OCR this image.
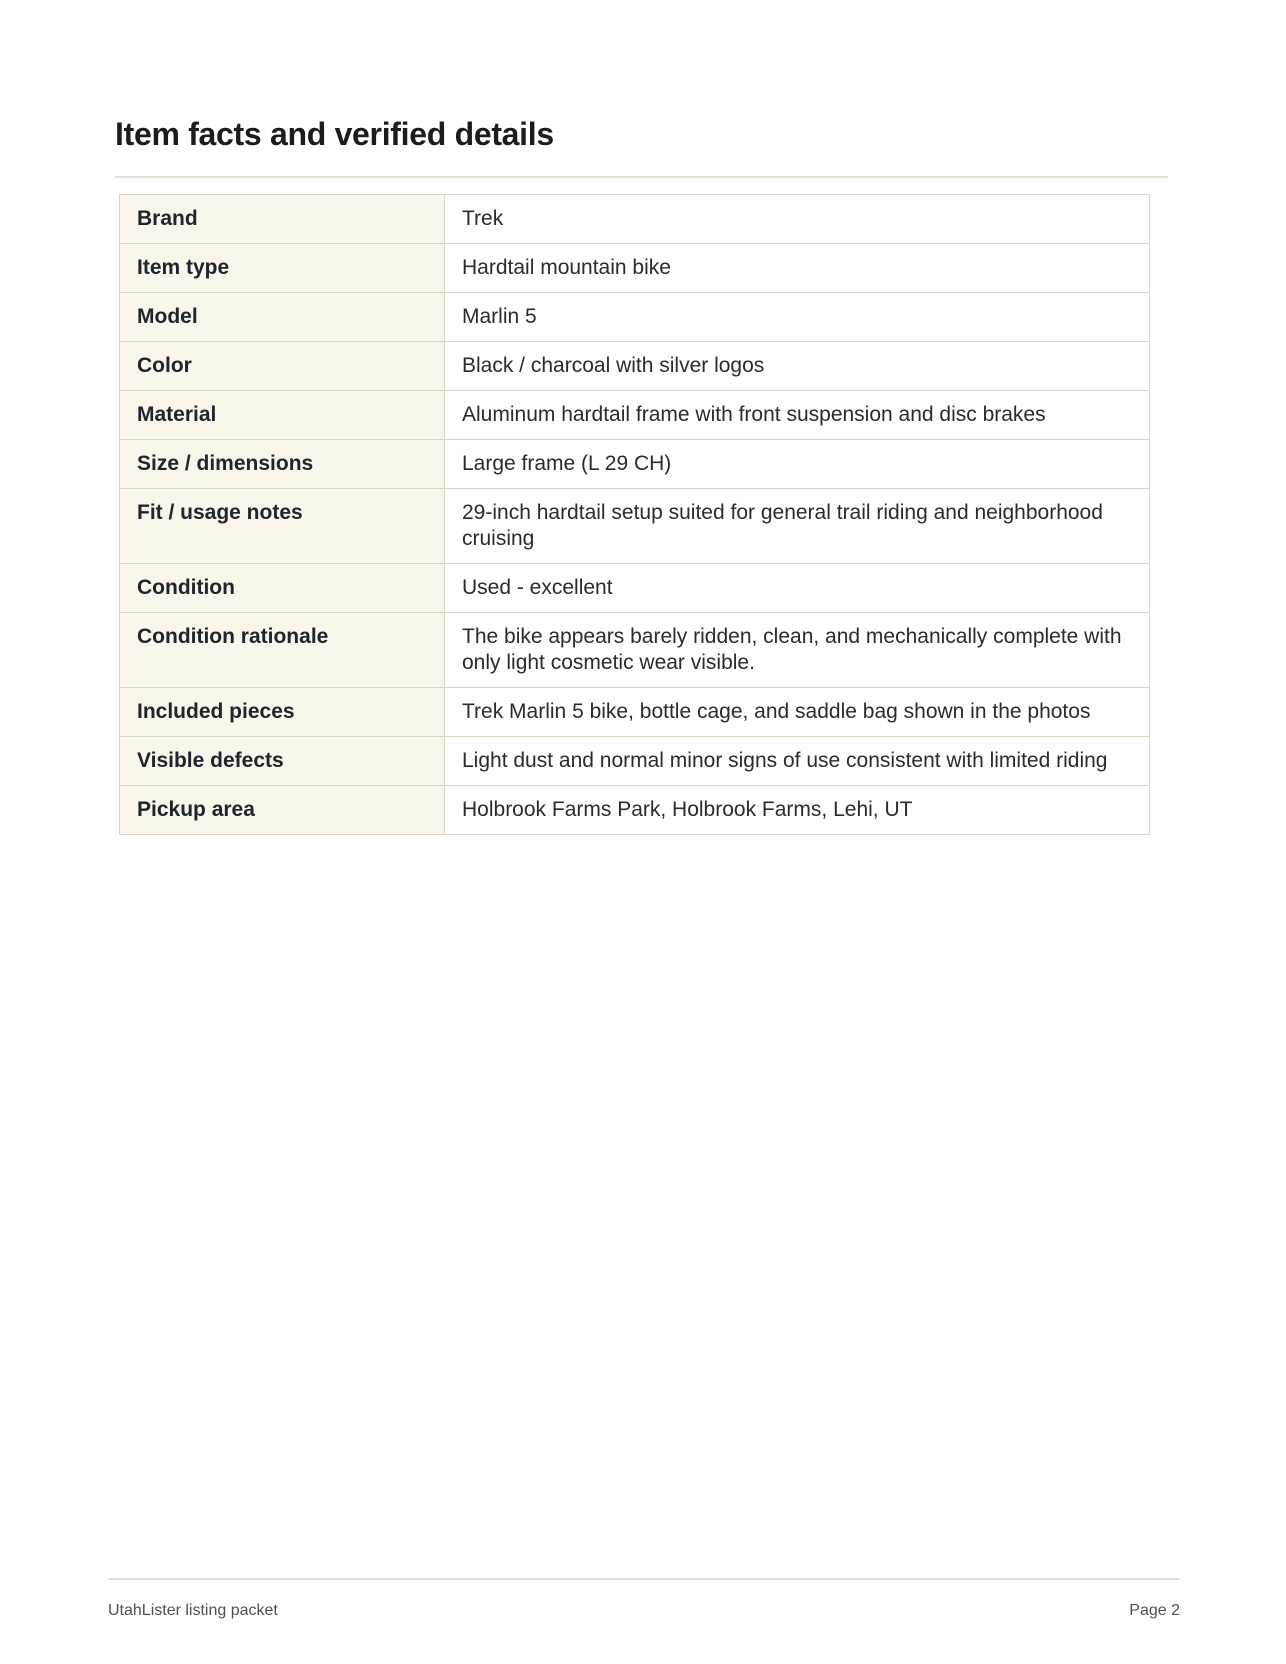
Item facts and verified details
Brand	Trek
Item type	Hardtail mountain bike
Model	Marlin 5
Color	Black / charcoal with silver logos
Material	Aluminum hardtail frame with front suspension and disc brakes
Size / dimensions	Large frame (L 29 CH)
Fit / usage notes	29-inch hardtail setup suited for general trail riding and neighborhood cruising
Condition	Used - excellent
Condition rationale	The bike appears barely ridden, clean, and mechanically complete with only light cosmetic wear visible.
Included pieces	Trek Marlin 5 bike, bottle cage, and saddle bag shown in the photos
Visible defects	Light dust and normal minor signs of use consistent with limited riding
Pickup area	Holbrook Farms Park, Holbrook Farms, Lehi, UT
UtahLister listing packet	Page 2
